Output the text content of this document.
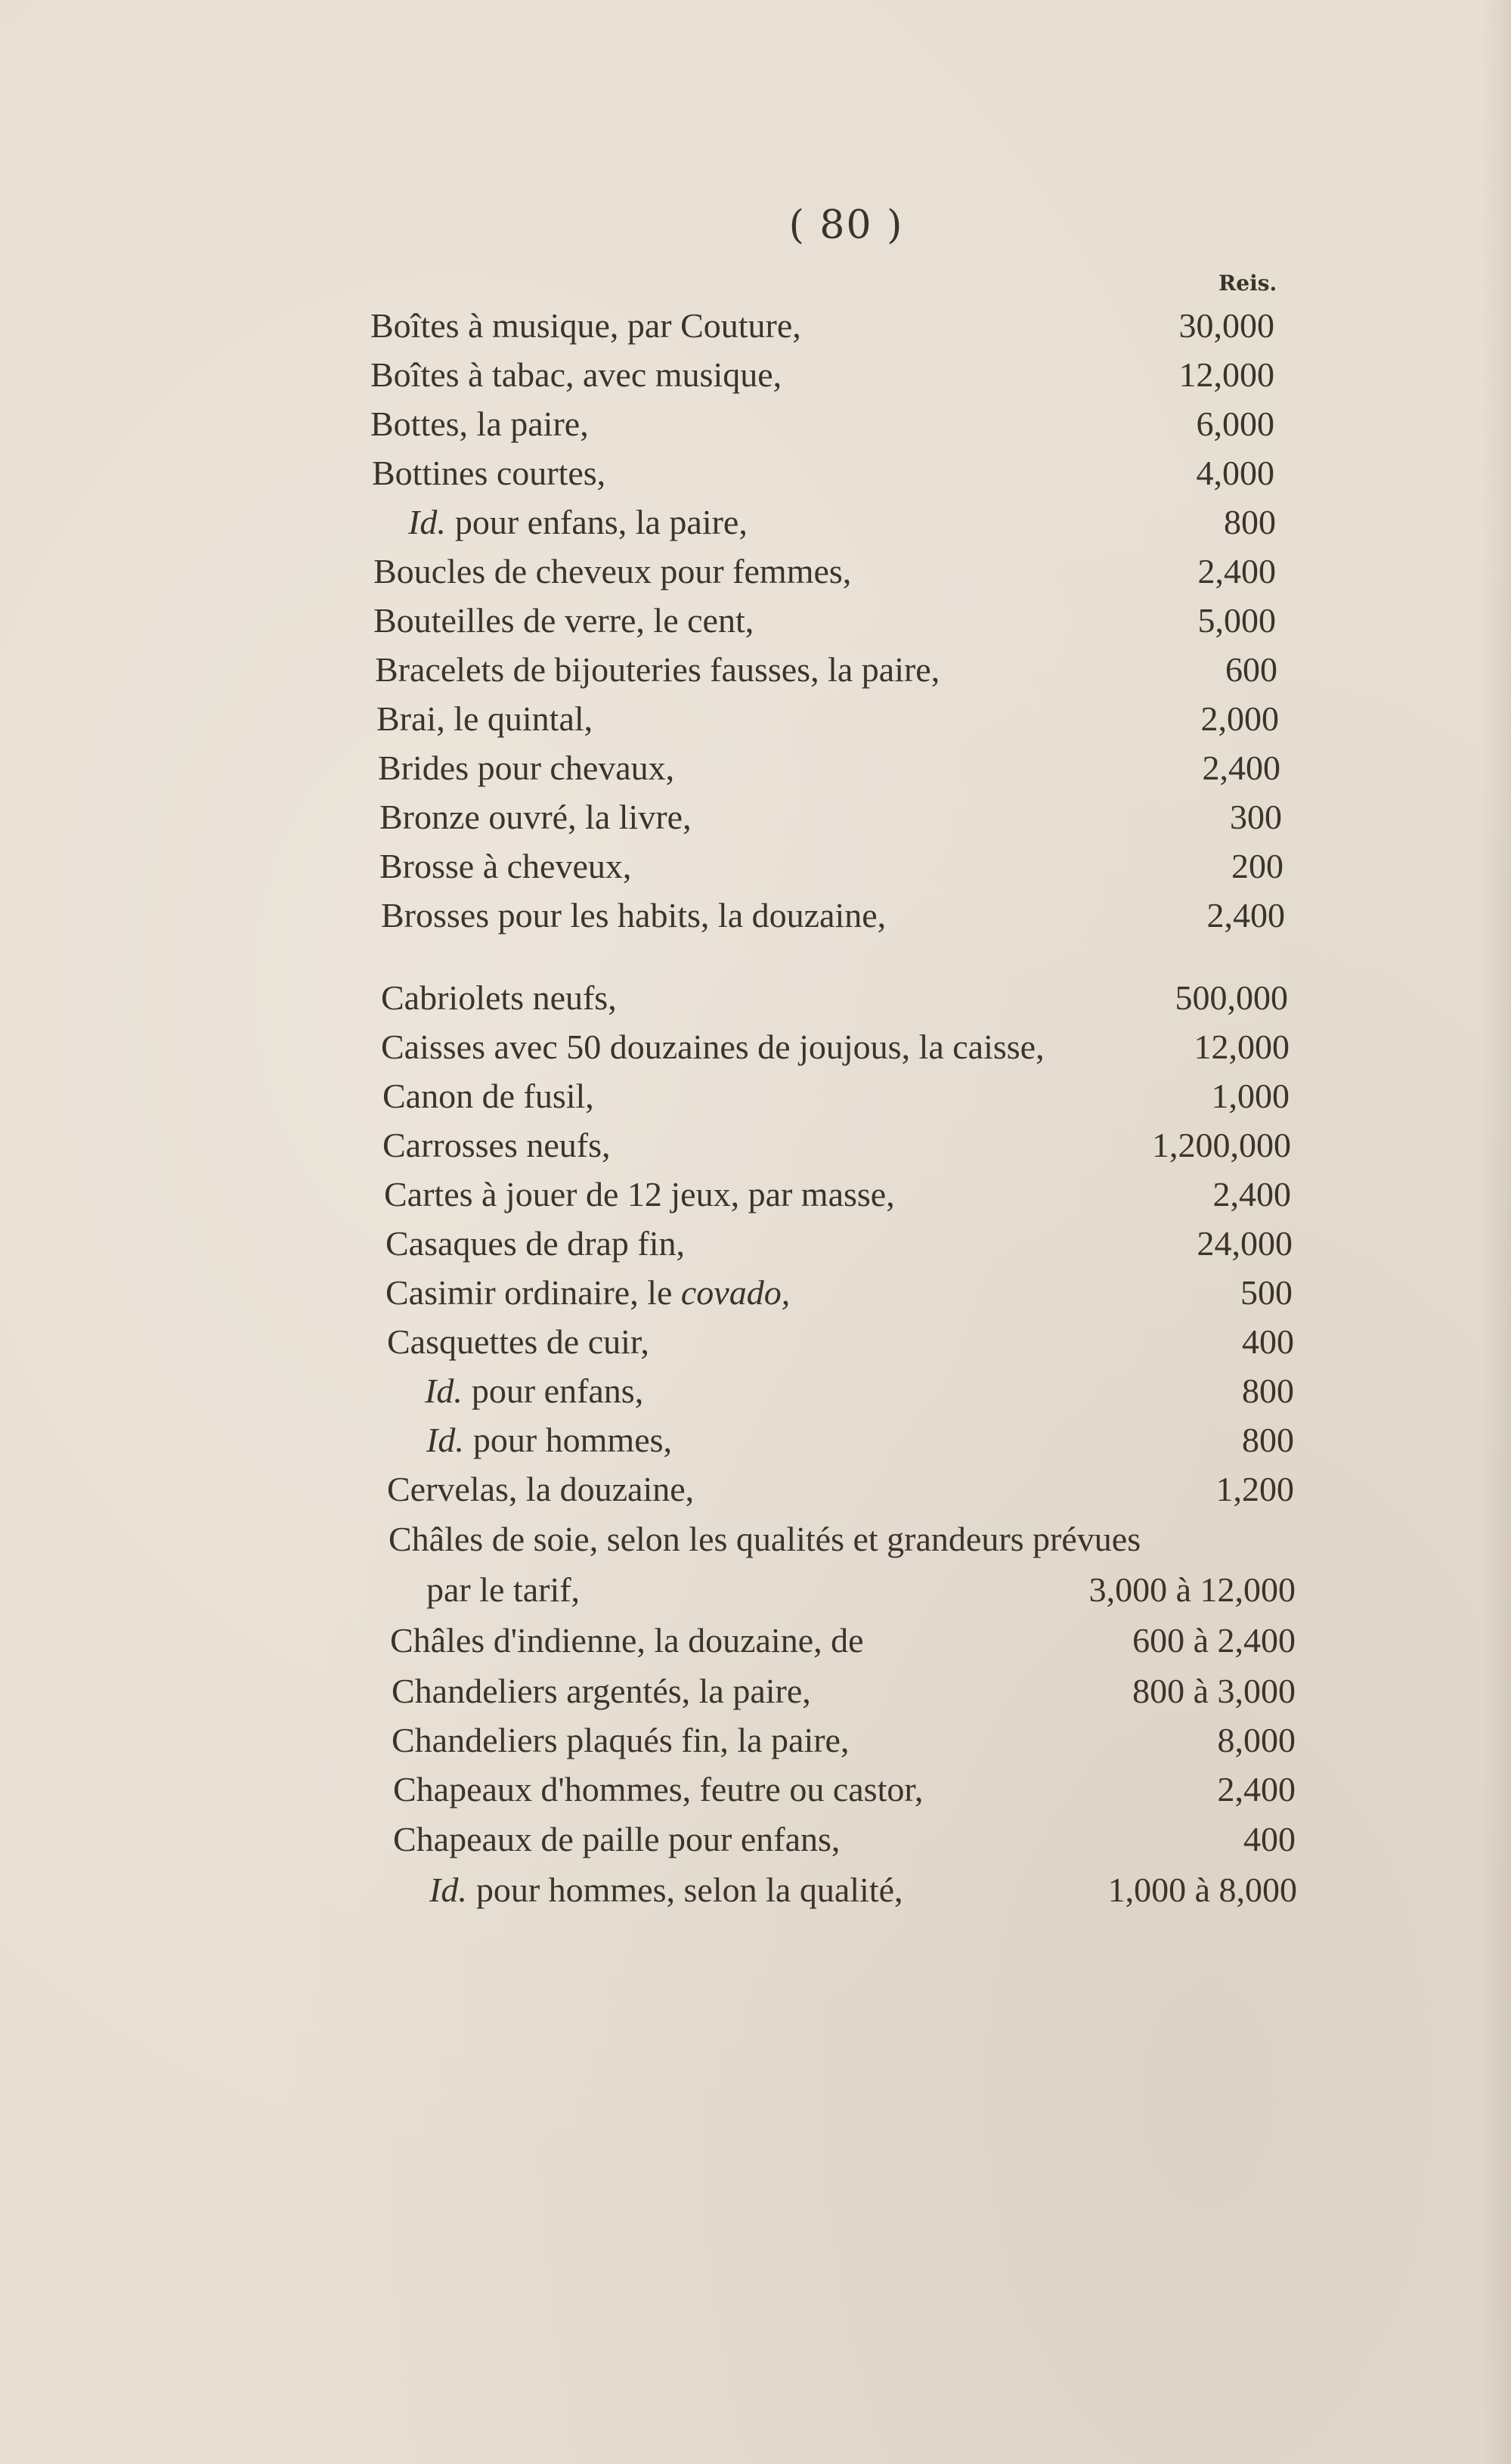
( 80 )
Reis.
Boîtes à musique, par Couture,	30,000
Boîtes à tabac, avec musique,	12,000
Bottes, la paire,	6,000
Bottines courtes,	4,000
Id. pour enfans, la paire,	800
Boucles de cheveux pour femmes,	2,400
Bouteilles de verre, le cent,	5,000
Bracelets de bijouteries fausses, la paire,	600
Brai, le quintal,	2,000
Brides pour chevaux,	2,400
Bronze ouvré, la livre,	300
Brosse à cheveux,	200
Brosses pour les habits, la douzaine,	2,400
Cabriolets neufs,	500,000
Caisses avec 50 douzaines de joujous, la caisse,	12,000
Canon de fusil,	1,000
Carrosses neufs,	1,200,000
Cartes à jouer de 12 jeux, par masse,	2,400
Casaques de drap fin,	24,000
Casimir ordinaire, le covado,	500
Casquettes de cuir,	400
Id. pour enfans,	800
Id. pour hommes,	800
Cervelas, la douzaine,	1,200
Châles de soie, selon les qualités et grandeurs prévues
par le tarif,	3,000 à 12,000
Châles d'indienne, la douzaine, de	600 à 2,400
Chandeliers argentés, la paire,	800 à 3,000
Chandeliers plaqués fin, la paire,	8,000
Chapeaux d'hommes, feutre ou castor,	2,400
Chapeaux de paille pour enfans,	400
Id. pour hommes, selon la qualité,	1,000 à 8,000
